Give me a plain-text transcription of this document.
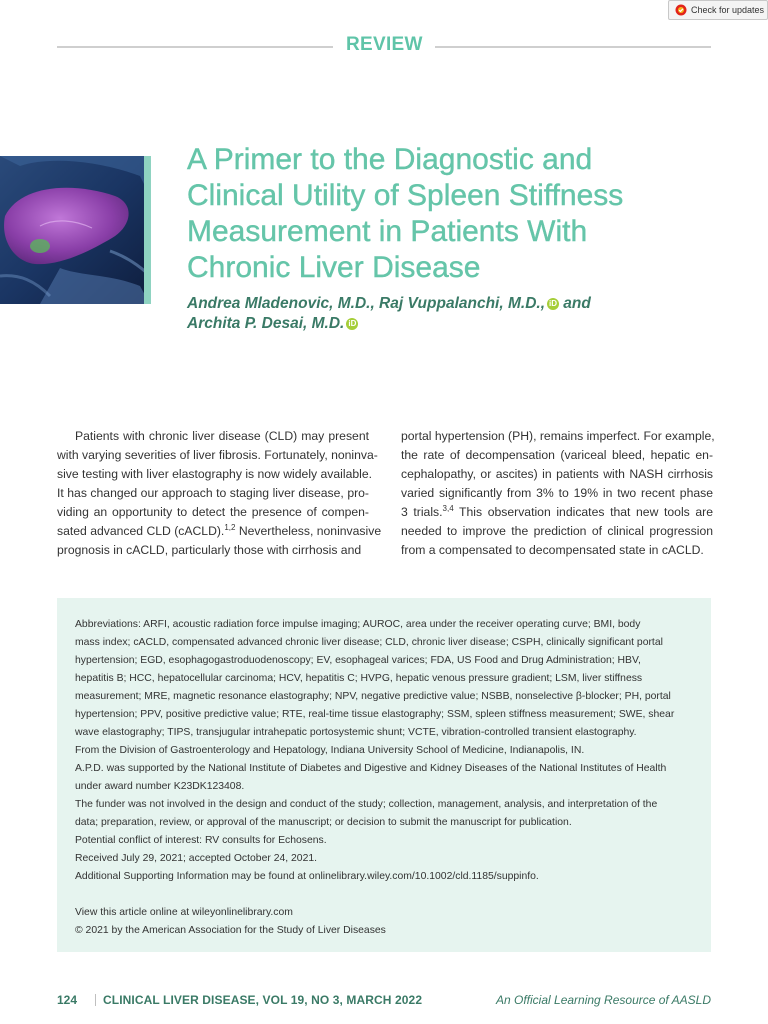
Check for updates
REVIEW
A Primer to the Diagnostic and
Clinical Utility of Spleen Stiffness
Measurement in Patients With
Chronic Liver Disease
Andrea Mladenovic, M.D., Raj Vuppalanchi, M.D., iD and
Archita P. Desai, M.D. iD
Patients with chronic liver disease (CLD) may present
with varying severities of liver fibrosis. Fortunately, noninva-
sive testing with liver elastography is now widely available.
It has changed our approach to staging liver disease, pro-
viding an opportunity to detect the presence of compen-
sated advanced CLD (cACLD).$^{1,2}$ Nevertheless, noninvasive
prognosis in cACLD, particularly those with cirrhosis and
portal hypertension (PH), remains imperfect. For example,
the rate of decompensation (variceal bleed, hepatic en-
cephalopathy, or ascites) in patients with NASH cirrhosis
varied significantly from 3% to 19% in two recent phase
3 trials.$^{3,4}$ This observation indicates that new tools are
needed to improve the prediction of clinical progression
from a compensated to decompensated state in cACLD.
Abbreviations: ARFI, acoustic radiation force impulse imaging; AUROC, area under the receiver operating curve; BMI, body
mass index; cACLD, compensated advanced chronic liver disease; CLD, chronic liver disease; CSPH, clinically significant portal
hypertension; EGD, esophagogastroduodenoscopy; EV, esophageal varices; FDA, US Food and Drug Administration; HBV,
hepatitis B; HCC, hepatocellular carcinoma; HCV, hepatitis C; HVPG, hepatic venous pressure gradient; LSM, liver stiffness
measurement; MRE, magnetic resonance elastography; NPV, negative predictive value; NSBB, nonselective β-blocker; PH, portal
hypertension; PPV, positive predictive value; RTE, real-time tissue elastography; SSM, spleen stiffness measurement; SWE, shear
wave elastography; TIPS, transjugular intrahepatic portosystemic shunt; VCTE, vibration-controlled transient elastography.
From the Division of Gastroenterology and Hepatology, Indiana University School of Medicine, Indianapolis, IN.
A.P.D. was supported by the National Institute of Diabetes and Digestive and Kidney Diseases of the National Institutes of Health
under award number K23DK123408.
The funder was not involved in the design and conduct of the study; collection, management, analysis, and interpretation of the
data; preparation, review, or approval of the manuscript; or decision to submit the manuscript for publication.
Potential conflict of interest: RV consults for Echosens.
Received July 29, 2021; accepted October 24, 2021.
Additional Supporting Information may be found at onlinelibrary.wiley.com/10.1002/cld.1185/suppinfo.
View this article online at wileyonlinelibrary.com
© 2021 by the American Association for the Study of Liver Diseases
124 CLINICAL LIVER DISEASE, VOL 19, NO 3, MARCH 2022	An Official Learning Resource of AASLD
